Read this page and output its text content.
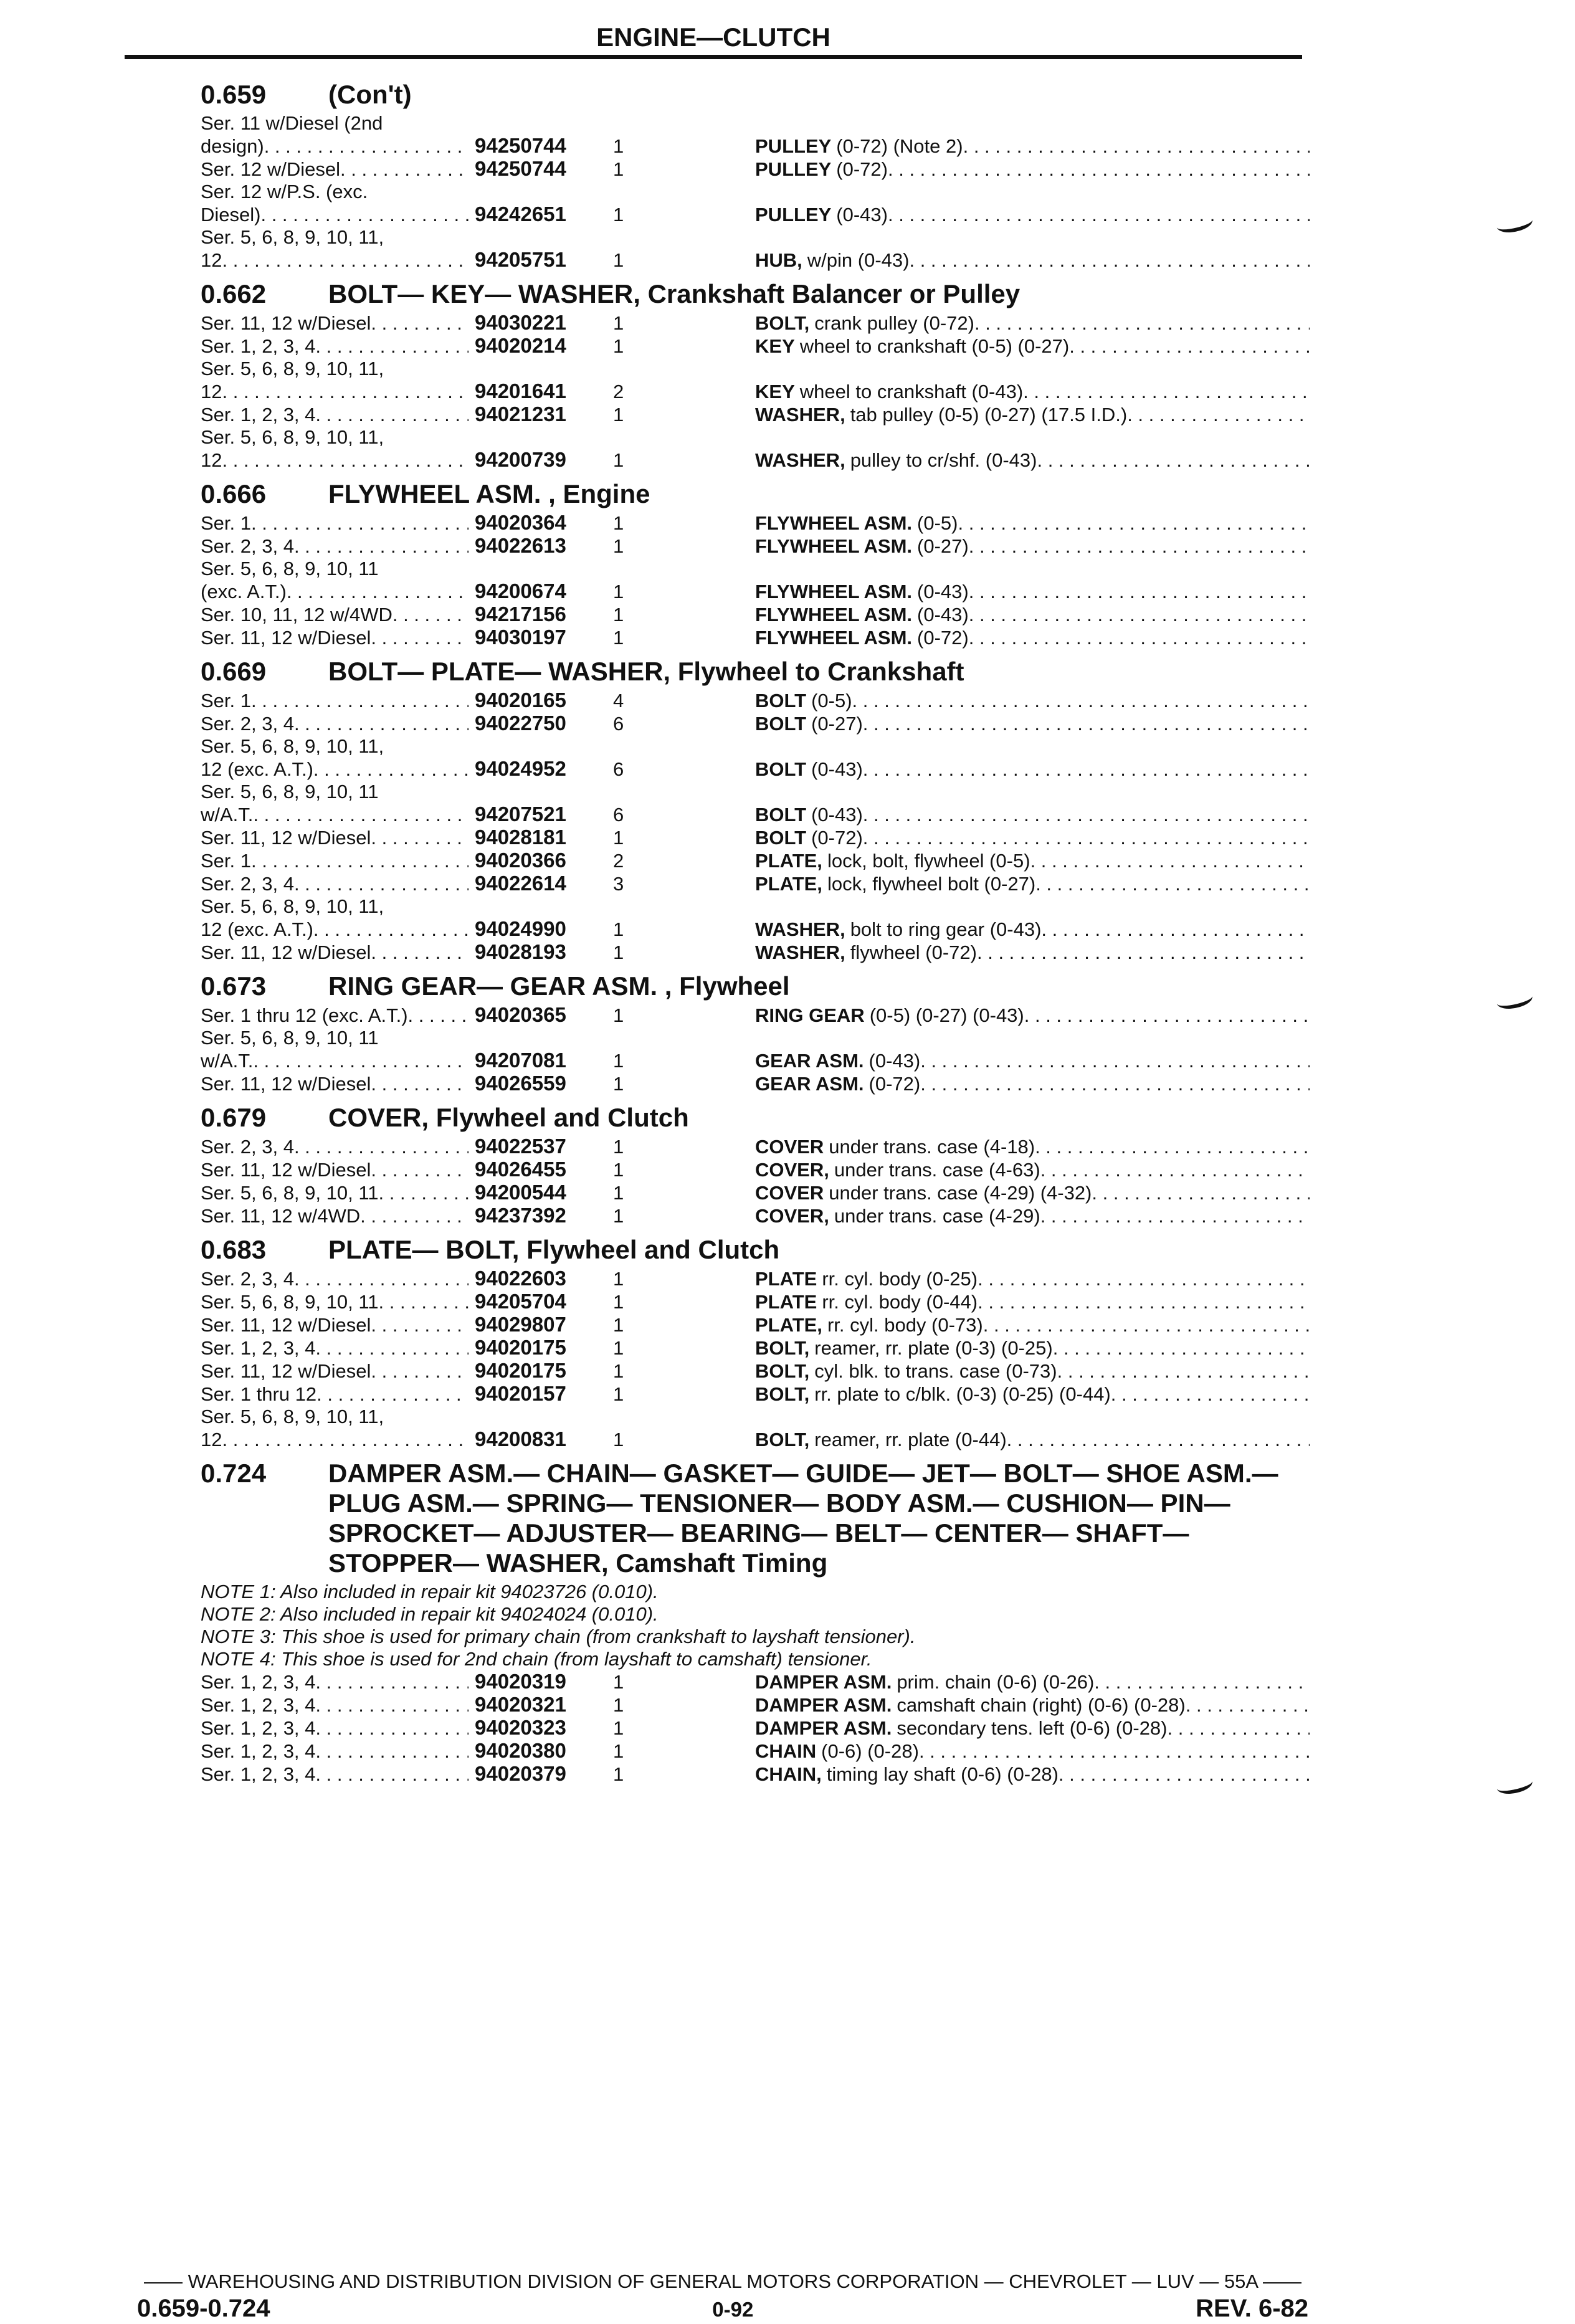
ENGINE—CLUTCH
0.659	(Con't)
Ser. 11 w/Diesel (2nd
design) . . .	94250744	1	PULLEY (0-72) (Note 2)
. . .
Ser. 12 w/Diesel . . .	94250744	1	PULLEY (0-72)
. . .
Ser. 12 w/P.S. (exc.
Diesel) . . .	94242651	1	PULLEY (0-43)
. . .
Ser. 5, 6, 8, 9, 10, 11,
12 . . .	94205751	1	HUB, w/pin (0-43)
. . .
0.662	BOLT— KEY— WASHER, Crankshaft Balancer or Pulley
Ser. 11, 12 w/Diesel . . .	94030221	1	BOLT, crank pulley (0-72)
. . .
Ser. 1, 2, 3, 4 . . .	94020214	1	KEY wheel to crankshaft (0-5) (0-27)
. . .
Ser. 5, 6, 8, 9, 10, 11,
12 . . .	94201641	2	KEY wheel to crankshaft (0-43)
. . .
Ser. 1, 2, 3, 4 . . .	94021231	1	WASHER, tab pulley (0-5) (0-27) (17.5 I.D.)
. . .
Ser. 5, 6, 8, 9, 10, 11,
12 . . .	94200739	1	WASHER, pulley to cr/shf. (0-43)
. . .
0.666	FLYWHEEL ASM. , Engine
Ser. 1 . . .	94020364	1	FLYWHEEL ASM. (0-5)
. . .
Ser. 2, 3, 4 . . .	94022613	1	FLYWHEEL ASM. (0-27)
. . .
Ser. 5, 6, 8, 9, 10, 11
(exc. A.T.) . . .	94200674	1	FLYWHEEL ASM. (0-43)
. . .
Ser. 10, 11, 12 w/4WD . . .	94217156	1	FLYWHEEL ASM. (0-43)
. . .
Ser. 11, 12 w/Diesel . . .	94030197	1	FLYWHEEL ASM. (0-72)
. . .
0.669	BOLT— PLATE— WASHER, Flywheel to Crankshaft
Ser. 1 . . .	94020165	4	BOLT (0-5)
. . .
Ser. 2, 3, 4 . . .	94022750	6	BOLT (0-27)
. . .
Ser. 5, 6, 8, 9, 10, 11,
12 (exc. A.T.) . . .	94024952	6	BOLT (0-43)
. . .
Ser. 5, 6, 8, 9, 10, 11
w/A.T. . . .	94207521	6	BOLT (0-43)
. . .
Ser. 11, 12 w/Diesel . . .	94028181	1	BOLT (0-72)
. . .
Ser. 1 . . .	94020366	2	PLATE, lock, bolt, flywheel (0-5)
. . .
Ser. 2, 3, 4 . . .	94022614	3	PLATE, lock, flywheel bolt (0-27)
. . .
Ser. 5, 6, 8, 9, 10, 11,
12 (exc. A.T.) . . .	94024990	1	WASHER, bolt to ring gear (0-43)
. . .
Ser. 11, 12 w/Diesel . . .	94028193	1	WASHER, flywheel (0-72)
. . .
0.673	RING GEAR— GEAR ASM. , Flywheel
Ser. 1 thru 12 (exc. A.T.) . . .	94020365	1	RING GEAR (0-5) (0-27) (0-43)
. . .
Ser. 5, 6, 8, 9, 10, 11
w/A.T. . . .	94207081	1	GEAR ASM. (0-43)
. . .
Ser. 11, 12 w/Diesel . . .	94026559	1	GEAR ASM. (0-72)
. . .
0.679	COVER, Flywheel and Clutch
Ser. 2, 3, 4 . . .	94022537	1	COVER under trans. case (4-18)
. . .
Ser. 11, 12 w/Diesel . . .	94026455	1	COVER, under trans. case (4-63)
. . .
Ser. 5, 6, 8, 9, 10, 11 . . .	94200544	1	COVER under trans. case (4-29) (4-32)
. . .
Ser. 11, 12 w/4WD . . .	94237392	1	COVER, under trans. case (4-29)
. . .
0.683	PLATE— BOLT, Flywheel and Clutch
Ser. 2, 3, 4 . . .	94022603	1	PLATE rr. cyl. body (0-25)
. . .
Ser. 5, 6, 8, 9, 10, 11 . . .	94205704	1	PLATE rr. cyl. body (0-44)
. . .
Ser. 11, 12 w/Diesel . . .	94029807	1	PLATE, rr. cyl. body (0-73)
. . .
Ser. 1, 2, 3, 4 . . .	94020175	1	BOLT, reamer, rr. plate (0-3) (0-25)
. . .
Ser. 11, 12 w/Diesel . . .	94020175	1	BOLT, cyl. blk. to trans. case (0-73)
. . .
Ser. 1 thru 12 . . .	94020157	1	BOLT, rr. plate to c/blk. (0-3) (0-25) (0-44)
. . .
Ser. 5, 6, 8, 9, 10, 11,
12 . . .	94200831	1	BOLT, reamer, rr. plate (0-44)
. . .
0.724	DAMPER ASM.— CHAIN— GASKET— GUIDE— JET— BOLT— SHOE ASM.— PLUG ASM.— SPRING— TENSIONER— BODY ASM.— CUSHION— PIN— SPROCKET— ADJUSTER— BEARING— BELT— CENTER— SHAFT— STOPPER— WASHER, Camshaft Timing
NOTE 1: Also included in repair kit 94023726 (0.010).
NOTE 2: Also included in repair kit 94024024 (0.010).
NOTE 3: This shoe is used for primary chain (from crankshaft to layshaft tensioner).
NOTE 4: This shoe is used for 2nd chain (from layshaft to camshaft) tensioner.
Ser. 1, 2, 3, 4 . . .	94020319	1	DAMPER ASM. prim. chain (0-6) (0-26)
. . .
Ser. 1, 2, 3, 4 . . .	94020321	1	DAMPER ASM. camshaft chain (right) (0-6) (0-28)
. . .
Ser. 1, 2, 3, 4 . . .	94020323	1	DAMPER ASM. secondary tens. left (0-6) (0-28)
. . .
Ser. 1, 2, 3, 4 . . .	94020380	1	CHAIN (0-6) (0-28)
. . .
Ser. 1, 2, 3, 4 . . .	94020379	1	CHAIN, timing lay shaft (0-6) (0-28)
. . .
—— WAREHOUSING AND DISTRIBUTION DIVISION OF GENERAL MOTORS CORPORATION — CHEVROLET — LUV — 55A ——
0.659-0.724	0-92	REV. 6-82
